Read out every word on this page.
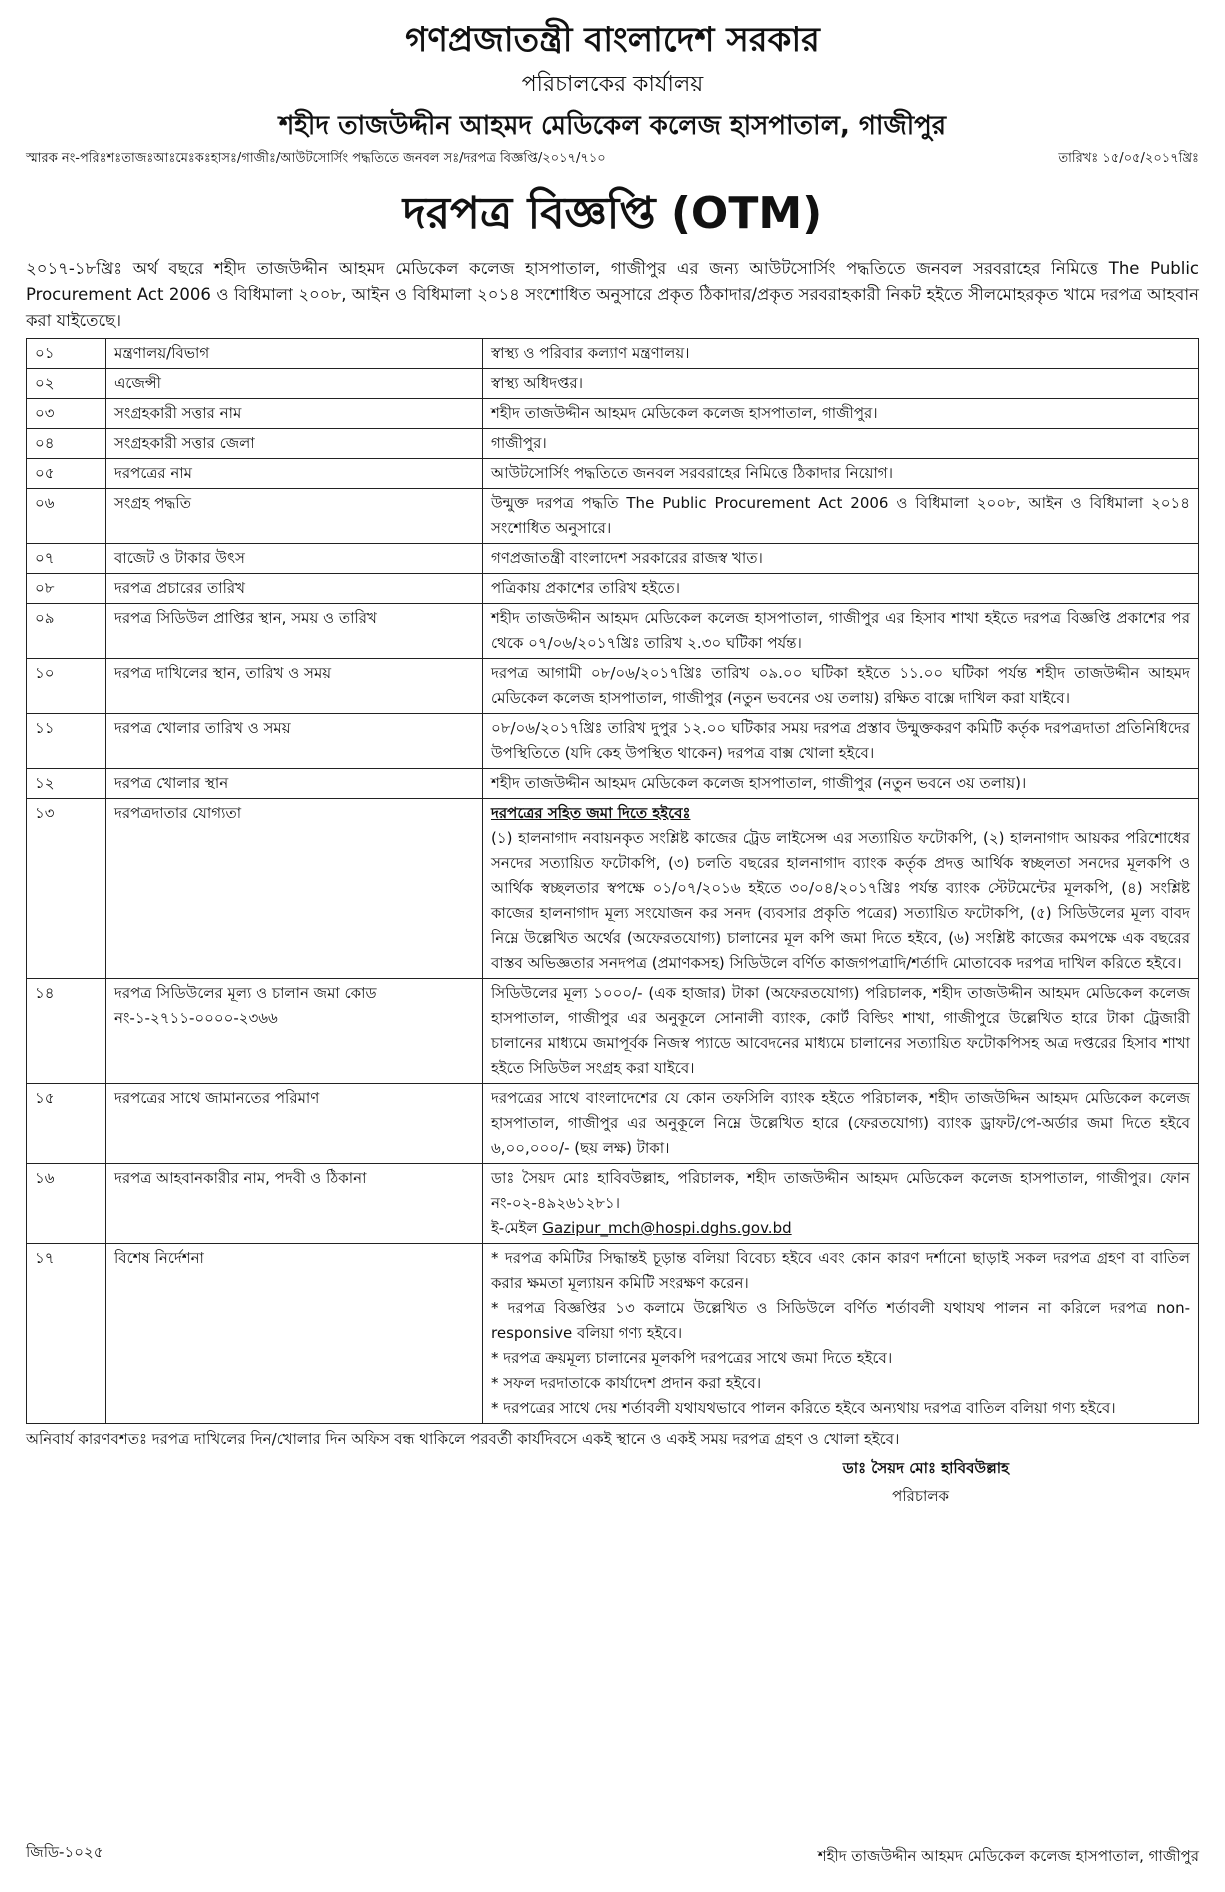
গণপ্রজাতন্ত্রী বাংলাদেশ সরকার
পরিচালকের কার্যালয়
শহীদ তাজউদ্দীন আহমদ মেডিকেল কলেজ হাসপাতাল, গাজীপুর
স্মারক নং-পরিঃশঃতাজঃআঃমেঃকঃহাসঃ/গাজীঃ/আউটসোর্সিং পদ্ধতিতে জনবল সঃ/দরপত্র বিজ্ঞপ্তি/২০১৭/৭১০	তারিখঃ ১৫/০৫/২০১৭খ্রিঃ
দরপত্র বিজ্ঞপ্তি (OTM)
২০১৭-১৮খ্রিঃ অর্থ বছরে শহীদ তাজউদ্দীন আহমদ মেডিকেল কলেজ হাসপাতাল, গাজীপুর এর জন্য আউটসোর্সিং পদ্ধতিতে জনবল সরবরাহের নিমিত্তে The Public Procurement Act 2006 ও বিধিমালা ২০০৮, আইন ও বিধিমালা ২০১৪ সংশোধিত অনুসারে প্রকৃত ঠিকাদার/প্রকৃত সরবরাহকারী নিকট হইতে সীলমোহরকৃত খামে দরপত্র আহবান করা যাইতেছে।
০১	মন্ত্রণালয়/বিভাগ	স্বাস্থ্য ও পরিবার কল্যাণ মন্ত্রণালয়।

০২	এজেন্সী	স্বাস্থ্য অধিদপ্তর।

০৩	সংগ্রহকারী সত্তার নাম	শহীদ তাজউদ্দীন আহমদ মেডিকেল কলেজ হাসপাতাল, গাজীপুর।

০৪	সংগ্রহকারী সত্তার জেলা	গাজীপুর।

০৫	দরপত্রের নাম	আউটসোর্সিং পদ্ধতিতে জনবল সরবরাহের নিমিত্তে ঠিকাদার নিয়োগ।

০৬	সংগ্রহ পদ্ধতি	উন্মুক্ত দরপত্র পদ্ধতি The Public Procurement Act 2006 ও বিধিমালা ২০০৮, আইন ও বিধিমালা ২০১৪ সংশোধিত অনুসারে।

০৭	বাজেট ও টাকার উৎস	গণপ্রজাতন্ত্রী বাংলাদেশ সরকারের রাজস্ব খাত।

০৮	দরপত্র প্রচারের তারিখ	পত্রিকায় প্রকাশের তারিখ হইতে।

০৯	দরপত্র সিডিউল প্রাপ্তির স্থান, সময় ও তারিখ	শহীদ তাজউদ্দীন আহমদ মেডিকেল কলেজ হাসপাতাল, গাজীপুর এর হিসাব শাখা হইতে দরপত্র বিজ্ঞপ্তি প্রকাশের পর থেকে ০৭/০৬/২০১৭খ্রিঃ তারিখ ২.৩০ ঘটিকা পর্যন্ত।

১০	দরপত্র দাখিলের স্থান, তারিখ ও সময়	দরপত্র আগামী ০৮/০৬/২০১৭খ্রিঃ তারিখ ০৯.০০ ঘটিকা হইতে ১১.০০ ঘটিকা পর্যন্ত শহীদ তাজউদ্দীন আহমদ মেডিকেল কলেজ হাসপাতাল, গাজীপুর (নতুন ভবনের ৩য় তলায়) রক্ষিত বাক্সে দাখিল করা যাইবে।

১১	দরপত্র খোলার তারিখ ও সময়	০৮/০৬/২০১৭খ্রিঃ তারিখ দুপুর ১২.০০ ঘটিকার সময় দরপত্র প্রস্তাব উন্মুক্তকরণ কমিটি কর্তৃক দরপত্রদাতা প্রতিনিধিদের উপস্থিতিতে (যদি কেহ উপস্থিত থাকেন) দরপত্র বাক্স খোলা হইবে।

১২	দরপত্র খোলার স্থান	শহীদ তাজউদ্দীন আহমদ মেডিকেল কলেজ হাসপাতাল, গাজীপুর (নতুন ভবনে ৩য় তলায়)।

১৩	দরপত্রদাতার যোগ্যতা	দরপত্রের সহিত জমা দিতে হইবেঃ
(১) হালনাগাদ নবায়নকৃত সংশ্লিষ্ট কাজের ট্রেড লাইসেন্স এর সত্যায়িত ফটোকপি, (২) হালনাগাদ আয়কর পরিশোধের সনদের সত্যায়িত ফটোকপি, (৩) চলতি বছরের হালনাগাদ ব্যাংক কর্তৃক প্রদত্ত আর্থিক স্বচ্ছলতা সনদের মূলকপি ও আর্থিক স্বচ্ছলতার স্বপক্ষে ০১/০৭/২০১৬ হইতে ৩০/০৪/২০১৭খ্রিঃ পর্যন্ত ব্যাংক স্টেটমেন্টের মূলকপি, (৪) সংশ্লিষ্ট কাজের হালনাগাদ মূল্য সংযোজন কর সনদ (ব্যবসার প্রকৃতি পত্রের) সত্যায়িত ফটোকপি, (৫) সিডিউলের মূল্য বাবদ নিম্নে উল্লেখিত অর্থের (অফেরতযোগ্য) চালানের মূল কপি জমা দিতে হইবে, (৬) সংশ্লিষ্ট কাজের কমপক্ষে এক বছরের বাস্তব অভিজ্ঞতার সনদপত্র (প্রমাণকসহ) সিডিউলে বর্ণিত কাজগপত্রাদি/শর্তাদি মোতাবেক দরপত্র দাখিল করিতে হইবে।

১৪	দরপত্র সিডিউলের মূল্য ও চালান জমা কোড নং-১-২৭১১-০০০০-২৩৬৬	সিডিউলের মূল্য ১০০০/- (এক হাজার) টাকা (অফেরতযোগ্য) পরিচালক, শহীদ তাজউদ্দীন আহমদ মেডিকেল কলেজ হাসপাতাল, গাজীপুর এর অনুকূলে সোনালী ব্যাংক, কোর্ট বিল্ডিং শাখা, গাজীপুরে উল্লেখিত হারে টাকা ট্রেজারী চালানের মাধ্যমে জমাপূর্বক নিজস্ব প্যাডে আবেদনের মাধ্যমে চালানের সত্যায়িত ফটোকপিসহ অত্র দপ্তরের হিসাব শাখা হইতে সিডিউল সংগ্রহ করা যাইবে।

১৫	দরপত্রের সাথে জামানতের পরিমাণ	দরপত্রের সাথে বাংলাদেশের যে কোন তফসিলি ব্যাংক হইতে পরিচালক, শহীদ তাজউদ্দিন আহমদ মেডিকেল কলেজ হাসপাতাল, গাজীপুর এর অনুকূলে নিম্নে উল্লেখিত হারে (ফেরতযোগ্য) ব্যাংক ড্রাফট/পে-অর্ডার জমা দিতে হইবে ৬,০০,০০০/- (ছয় লক্ষ) টাকা।

১৬	দরপত্র আহবানকারীর নাম, পদবী ও ঠিকানা	ডাঃ সৈয়দ মোঃ হাবিবউল্লাহ, পরিচালক, শহীদ তাজউদ্দীন আহমদ মেডিকেল কলেজ হাসপাতাল, গাজীপুর। ফোন নং-০২-৪৯২৬১২৮১।
ই-মেইল Gazipur_mch@hospi.dghs.gov.bd

১৭	বিশেষ নির্দেশনা	* দরপত্র কমিটির সিদ্ধান্তই চূড়ান্ত বলিয়া বিবেচ্য হইবে এবং কোন কারণ দর্শানো ছাড়াই সকল দরপত্র গ্রহণ বা বাতিল করার ক্ষমতা মূল্যায়ন কমিটি সংরক্ষণ করেন।
* দরপত্র বিজ্ঞপ্তির ১৩ কলামে উল্লেখিত ও সিডিউলে বর্ণিত শর্তাবলী যথাযথ পালন না করিলে দরপত্র non-responsive বলিয়া গণ্য হইবে।
* দরপত্র ক্রয়মূল্য চালানের মূলকপি দরপত্রের সাথে জমা দিতে হইবে।
* সফল দরদাতাকে কার্যাদেশ প্রদান করা হইবে।
* দরপত্রের সাথে দেয় শর্তাবলী যথাযথভাবে পালন করিতে হইবে অন্যথায় দরপত্র বাতিল বলিয়া গণ্য হইবে।
অনিবার্য কারণবশতঃ দরপত্র দাখিলের দিন/খোলার দিন অফিস বন্ধ থাকিলে পরবর্তী কার্যদিবসে একই স্থানে ও একই সময় দরপত্র গ্রহণ ও খোলা হইবে।
ডাঃ সৈয়দ মোঃ হাবিবউল্লাহ
পরিচালক
জিডি-১০২৫	শহীদ তাজউদ্দীন আহমদ মেডিকেল কলেজ হাসপাতাল, গাজীপুর
